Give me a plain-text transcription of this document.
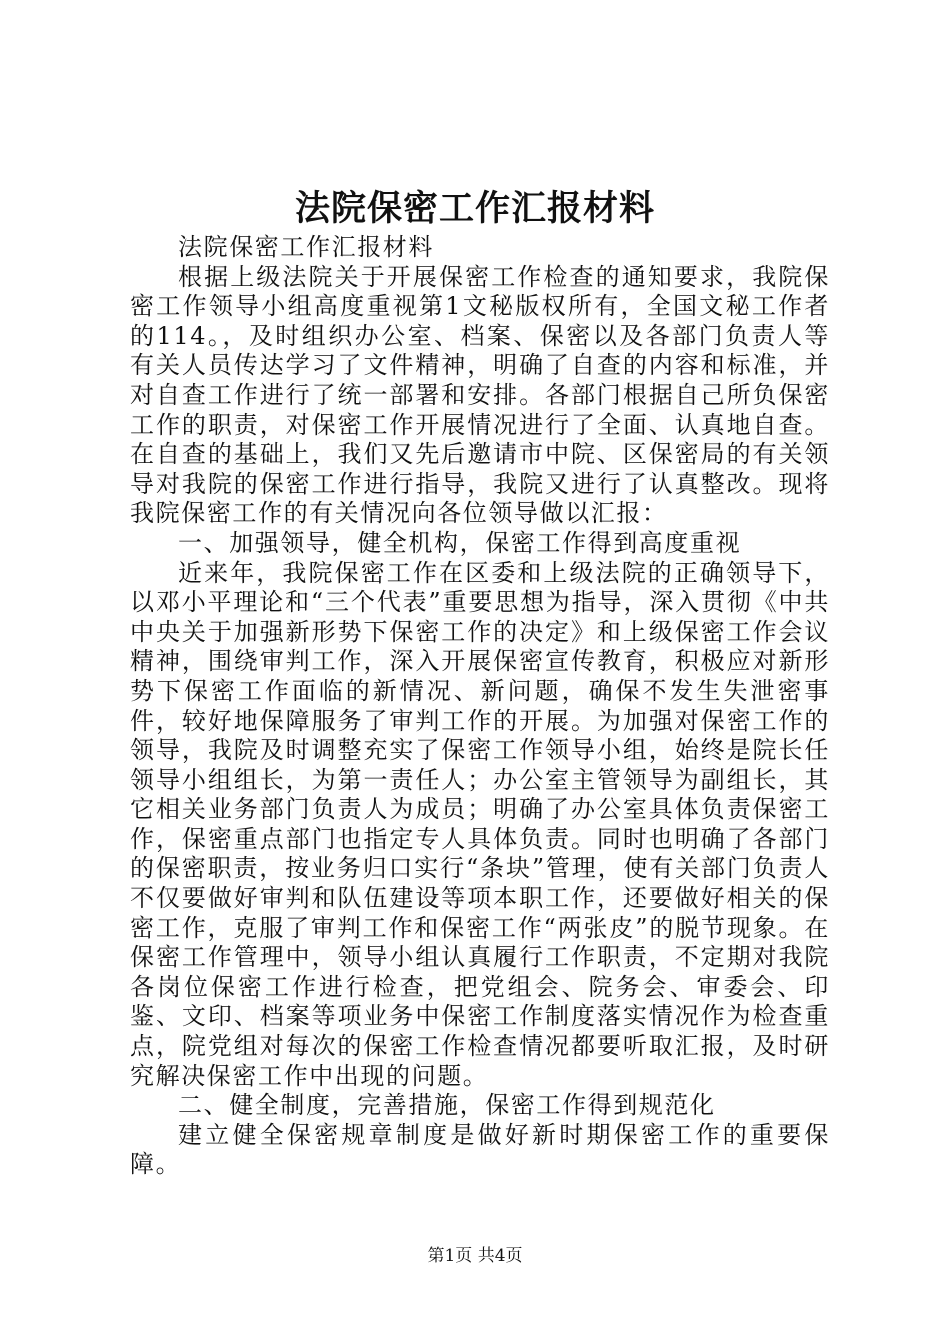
法院保密工作汇报材料

法院保密工作汇报材料

根据上级法院关于开展保密工作检查的通知要求，我院保密工作领导小组高度重视第1文秘版权所有，全国文秘工作者的114。，及时组织办公室、档案、保密以及各部门负责人等有关人员传达学习了文件精神，明确了自查的内容和标准，并对自查工作进行了统一部署和安排。各部门根据自己所负保密工作的职责，对保密工作开展情况进行了全面、认真地自查。在自查的基础上，我们又先后邀请市中院、区保密局的有关领导对我院的保密工作进行指导，我院又进行了认真整改。现将我院保密工作的有关情况向各位领导做以汇报：

一、加强领导，健全机构，保密工作得到高度重视

近来年，我院保密工作在区委和上级法院的正确领导下，以邓小平理论和“三个代表”重要思想为指导，深入贯彻《中共中央关于加强新形势下保密工作的决定》和上级保密工作会议精神，围绕审判工作，深入开展保密宣传教育，积极应对新形势下保密工作面临的新情况、新问题，确保不发生失泄密事件，较好地保障服务了审判工作的开展。为加强对保密工作的领导，我院及时调整充实了保密工作领导小组，始终是院长任领导小组组长，为第一责任人；办公室主管领导为副组长，其它相关业务部门负责人为成员；明确了办公室具体负责保密工作，保密重点部门也指定专人具体负责。同时也明确了各部门的保密职责，按业务归口实行“条块”管理，使有关部门负责人不仅要做好审判和队伍建设等项本职工作，还要做好相关的保密工作，克服了审判工作和保密工作“两张皮”的脱节现象。在保密工作管理中，领导小组认真履行工作职责，不定期对我院各岗位保密工作进行检查，把党组会、院务会、审委会、印鉴、文印、档案等项业务中保密工作制度落实情况作为检查重点，院党组对每次的保密工作检查情况都要听取汇报，及时研究解决保密工作中出现的问题。

二、健全制度，完善措施，保密工作得到规范化

建立健全保密规章制度是做好新时期保密工作的重要保障。

第1页 共4页
